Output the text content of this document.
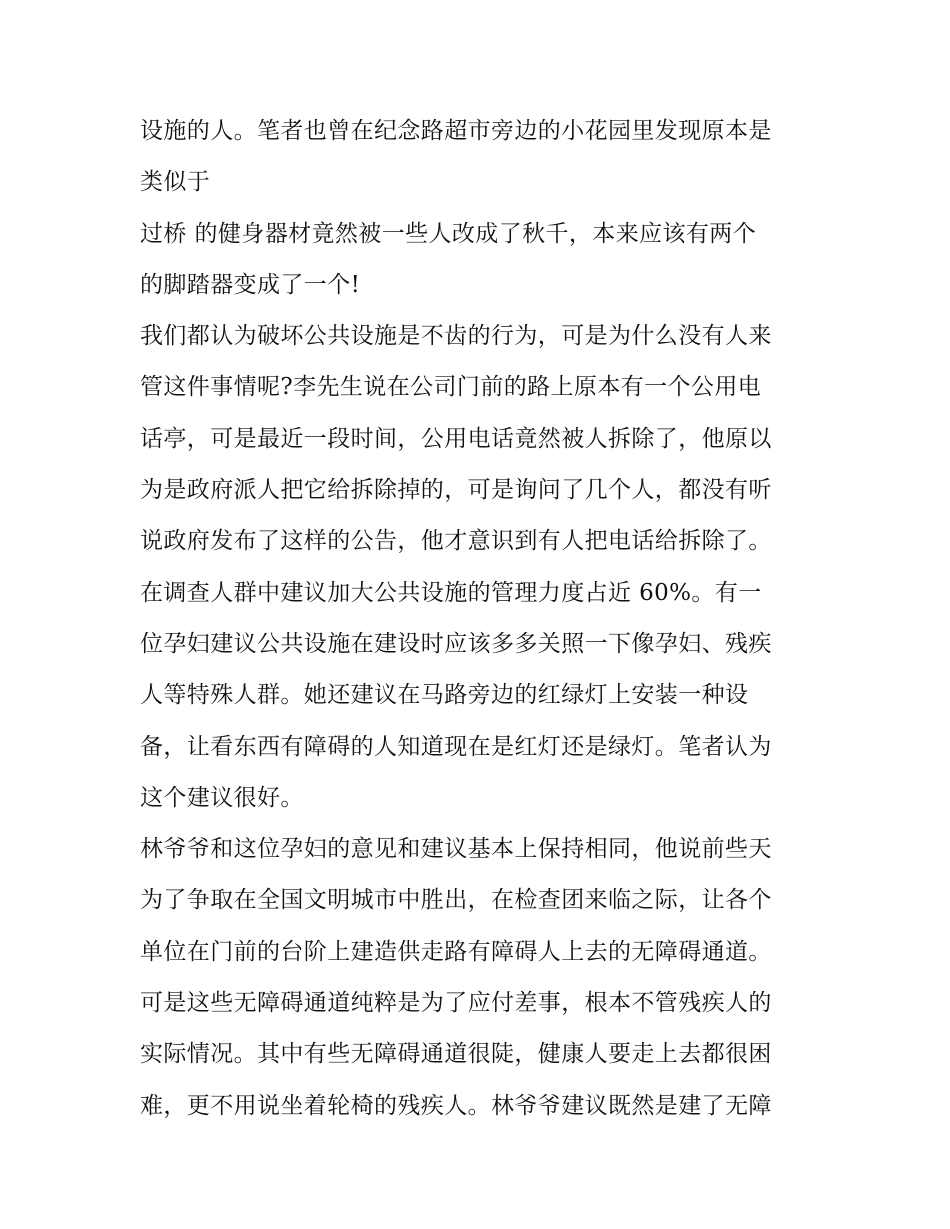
设施的人。笔者也曾在纪念路超市旁边的小花园里发现原本是
类似于
过桥 的健身器材竟然被一些人改成了秋千，本来应该有两个
的脚踏器变成了一个!
我们都认为破坏公共设施是不齿的行为，可是为什么没有人来
管这件事情呢?李先生说在公司门前的路上原本有一个公用电
话亭，可是最近一段时间，公用电话竟然被人拆除了，他原以
为是政府派人把它给拆除掉的，可是询问了几个人，都没有听
说政府发布了这样的公告，他才意识到有人把电话给拆除了。
在调查人群中建议加大公共设施的管理力度占近 60%。有一
位孕妇建议公共设施在建设时应该多多关照一下像孕妇、残疾
人等特殊人群。她还建议在马路旁边的红绿灯上安装一种设
备，让看东西有障碍的人知道现在是红灯还是绿灯。笔者认为
这个建议很好。
林爷爷和这位孕妇的意见和建议基本上保持相同，他说前些天
为了争取在全国文明城市中胜出，在检查团来临之际，让各个
单位在门前的台阶上建造供走路有障碍人上去的无障碍通道。
可是这些无障碍通道纯粹是为了应付差事，根本不管残疾人的
实际情况。其中有些无障碍通道很陡，健康人要走上去都很困
难，更不用说坐着轮椅的残疾人。林爷爷建议既然是建了无障
